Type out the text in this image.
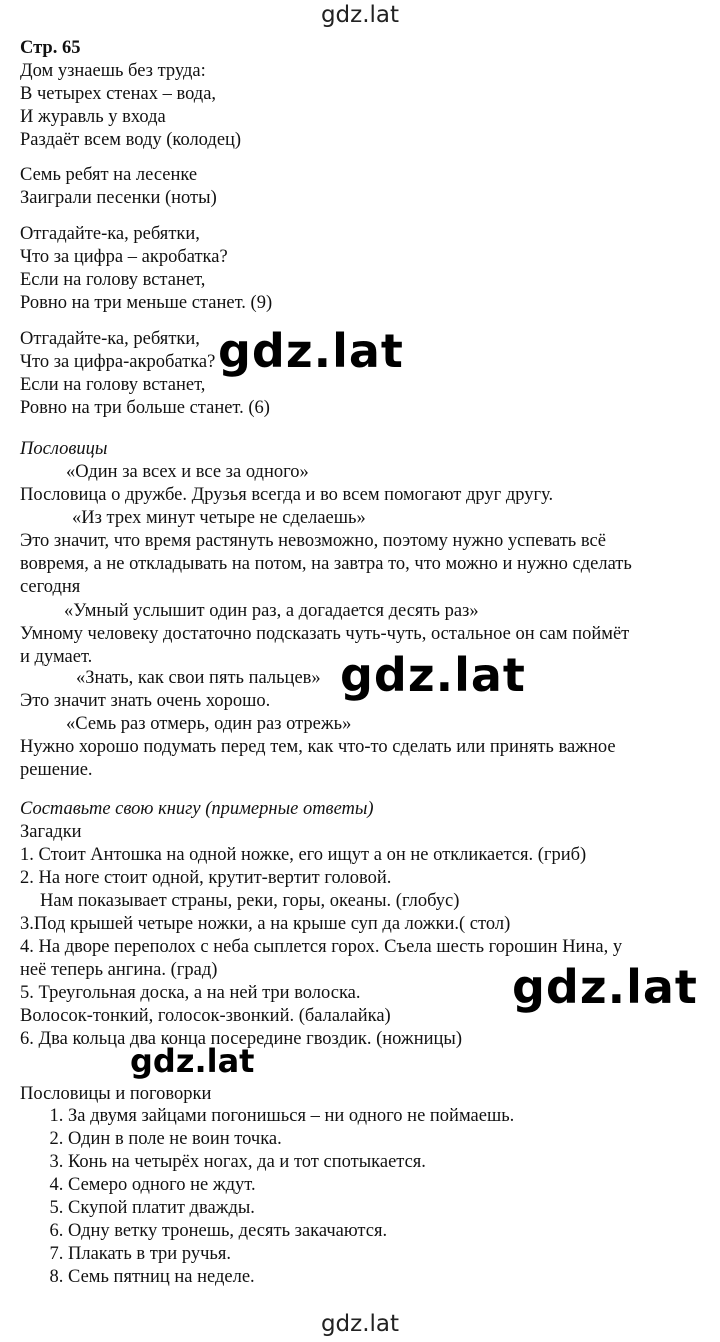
gdz.lat
Стр. 65
Дом узнаешь без труда:
В четырех стенах – вода,
И журавль у входа
Раздаёт всем воду (колодец)
Семь ребят на лесенке
Заиграли песенки (ноты)
Отгадайте-ка, ребятки,
Что за цифра – акробатка?
Если на голову встанет,
Ровно на три меньше станет. (9)
Отгадайте-ка, ребятки,
Что за цифра-акробатка?
Если на голову встанет,
Ровно на три больше станет. (6)
gdz.lat
Пословицы
«Один за всех и все за одного»
Пословица о дружбе. Друзья всегда и во всем помогают друг другу.
«Из трех минут четыре не сделаешь»
Это значит, что время растянуть невозможно, поэтому нужно успевать всё
вовремя, а не откладывать на потом, на завтра то, что можно и нужно сделать
сегодня
«Умный услышит один раз, а догадается десять раз»
Умному человеку достаточно подсказать чуть-чуть, остальное он сам поймёт
и думает.
«Знать, как свои пять пальцев» gdz.lat
Это значит знать очень хорошо.
«Семь раз отмерь, один раз отрежь»
Нужно хорошо подумать перед тем, как что-то сделать или принять важное
решение.
Составьте свою книгу (примерные ответы)
Загадки
1. Стоит Антошка на одной ножке, его ищут а он не откликается. (гриб)
2. На ноге стоит одной, крутит-вертит головой.
Нам показывает страны, реки, горы, океаны. (глобус)
3.Под крышей четыре ножки, а на крыше суп да ложки.( стол)
4. На дворе переполох с неба сыплется горох. Съела шесть горошин Нина, у
неё теперь ангина. (град)
5. Треугольная доска, а на ней три волоска.
Волосок-тонкий, голосок-звонкий. (балалайка)
6. Два кольца два конца посередине гвоздик. (ножницы)
gdz.lat
gdz.lat
Пословицы и поговорки
1. За двумя зайцами погонишься – ни одного не поймаешь.
2. Один в поле не воин точка.
3. Конь на четырёх ногах, да и тот спотыкается.
4. Семеро одного не ждут.
5. Скупой платит дважды.
6. Одну ветку тронешь, десять закачаются.
7. Плакать в три ручья.
8. Семь пятниц на неделе.
gdz.lat
